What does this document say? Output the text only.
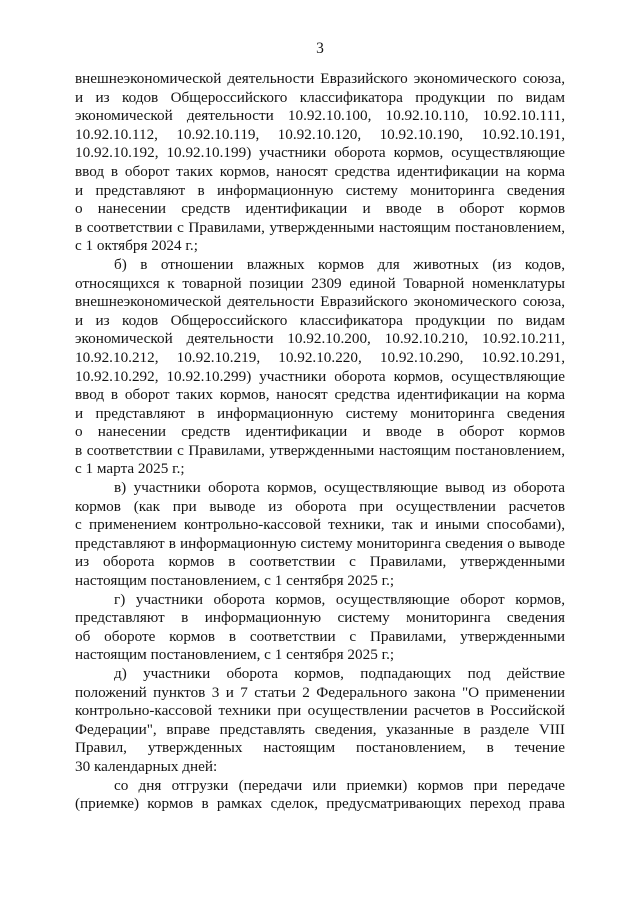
3
внешнеэкономической деятельности Евразийского экономического союза,
и из кодов Общероссийского классификатора продукции по видам
экономической деятельности 10.92.10.100, 10.92.10.110, 10.92.10.111,
10.92.10.112, 10.92.10.119, 10.92.10.120, 10.92.10.190, 10.92.10.191,
10.92.10.192, 10.92.10.199) участники оборота кормов, осуществляющие
ввод в оборот таких кормов, наносят средства идентификации на корма
и представляют в информационную систему мониторинга сведения
о нанесении средств идентификации и вводе в оборот кормов
в соответствии с Правилами, утвержденными настоящим постановлением,
с 1 октября 2024 г.;
б) в отношении влажных кормов для животных (из кодов,
относящихся к товарной позиции 2309 единой Товарной номенклатуры
внешнеэкономической деятельности Евразийского экономического союза,
и из кодов Общероссийского классификатора продукции по видам
экономической деятельности 10.92.10.200, 10.92.10.210, 10.92.10.211,
10.92.10.212, 10.92.10.219, 10.92.10.220, 10.92.10.290, 10.92.10.291,
10.92.10.292, 10.92.10.299) участники оборота кормов, осуществляющие
ввод в оборот таких кормов, наносят средства идентификации на корма
и представляют в информационную систему мониторинга сведения
о нанесении средств идентификации и вводе в оборот кормов
в соответствии с Правилами, утвержденными настоящим постановлением,
с 1 марта 2025 г.;
в) участники оборота кормов, осуществляющие вывод из оборота
кормов (как при выводе из оборота при осуществлении расчетов
с применением контрольно-кассовой техники, так и иными способами),
представляют в информационную систему мониторинга сведения о выводе
из оборота кормов в соответствии с Правилами, утвержденными
настоящим постановлением, с 1 сентября 2025 г.;
г) участники оборота кормов, осуществляющие оборот кормов,
представляют в информационную систему мониторинга сведения
об обороте кормов в соответствии с Правилами, утвержденными
настоящим постановлением, с 1 сентября 2025 г.;
д) участники оборота кормов, подпадающих под действие
положений пунктов 3 и 7 статьи 2 Федерального закона "О применении
контрольно-кассовой техники при осуществлении расчетов в Российской
Федерации", вправе представлять сведения, указанные в разделе VIII
Правил, утвержденных настоящим постановлением, в течение
30 календарных дней:
со дня отгрузки (передачи или приемки) кормов при передаче
(приемке) кормов в рамках сделок, предусматривающих переход права
